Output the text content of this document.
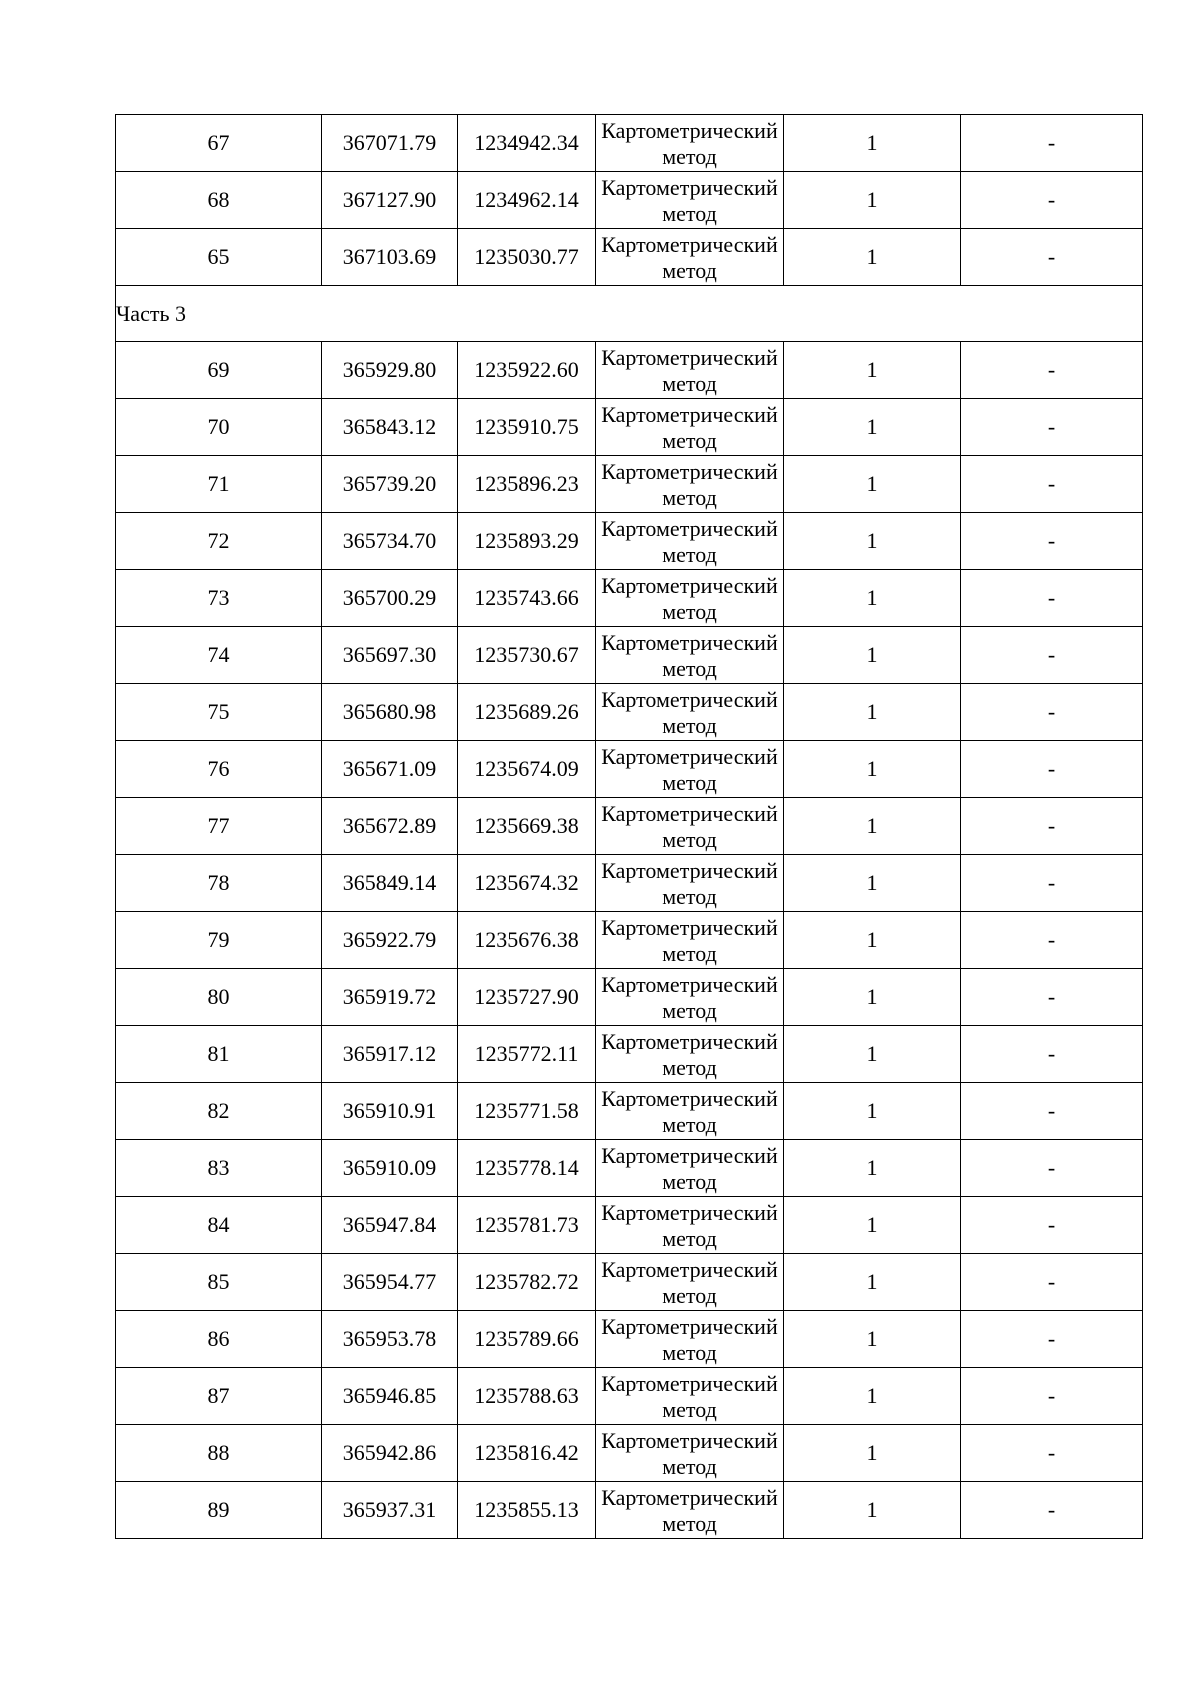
67	367071.79	1234942.34	Картометрический метод	1	-
68	367127.90	1234962.14	Картометрический метод	1	-
65	367103.69	1235030.77	Картометрический метод	1	-
Часть 3					
69	365929.80	1235922.60	Картометрический метод	1	-
70	365843.12	1235910.75	Картометрический метод	1	-
71	365739.20	1235896.23	Картометрический метод	1	-
72	365734.70	1235893.29	Картометрический метод	1	-
73	365700.29	1235743.66	Картометрический метод	1	-
74	365697.30	1235730.67	Картометрический метод	1	-
75	365680.98	1235689.26	Картометрический метод	1	-
76	365671.09	1235674.09	Картометрический метод	1	-
77	365672.89	1235669.38	Картометрический метод	1	-
78	365849.14	1235674.32	Картометрический метод	1	-
79	365922.79	1235676.38	Картометрический метод	1	-
80	365919.72	1235727.90	Картометрический метод	1	-
81	365917.12	1235772.11	Картометрический метод	1	-
82	365910.91	1235771.58	Картометрический метод	1	-
83	365910.09	1235778.14	Картометрический метод	1	-
84	365947.84	1235781.73	Картометрический метод	1	-
85	365954.77	1235782.72	Картометрический метод	1	-
86	365953.78	1235789.66	Картометрический метод	1	-
87	365946.85	1235788.63	Картометрический метод	1	-
88	365942.86	1235816.42	Картометрический метод	1	-
89	365937.31	1235855.13	Картометрический метод	1	-
